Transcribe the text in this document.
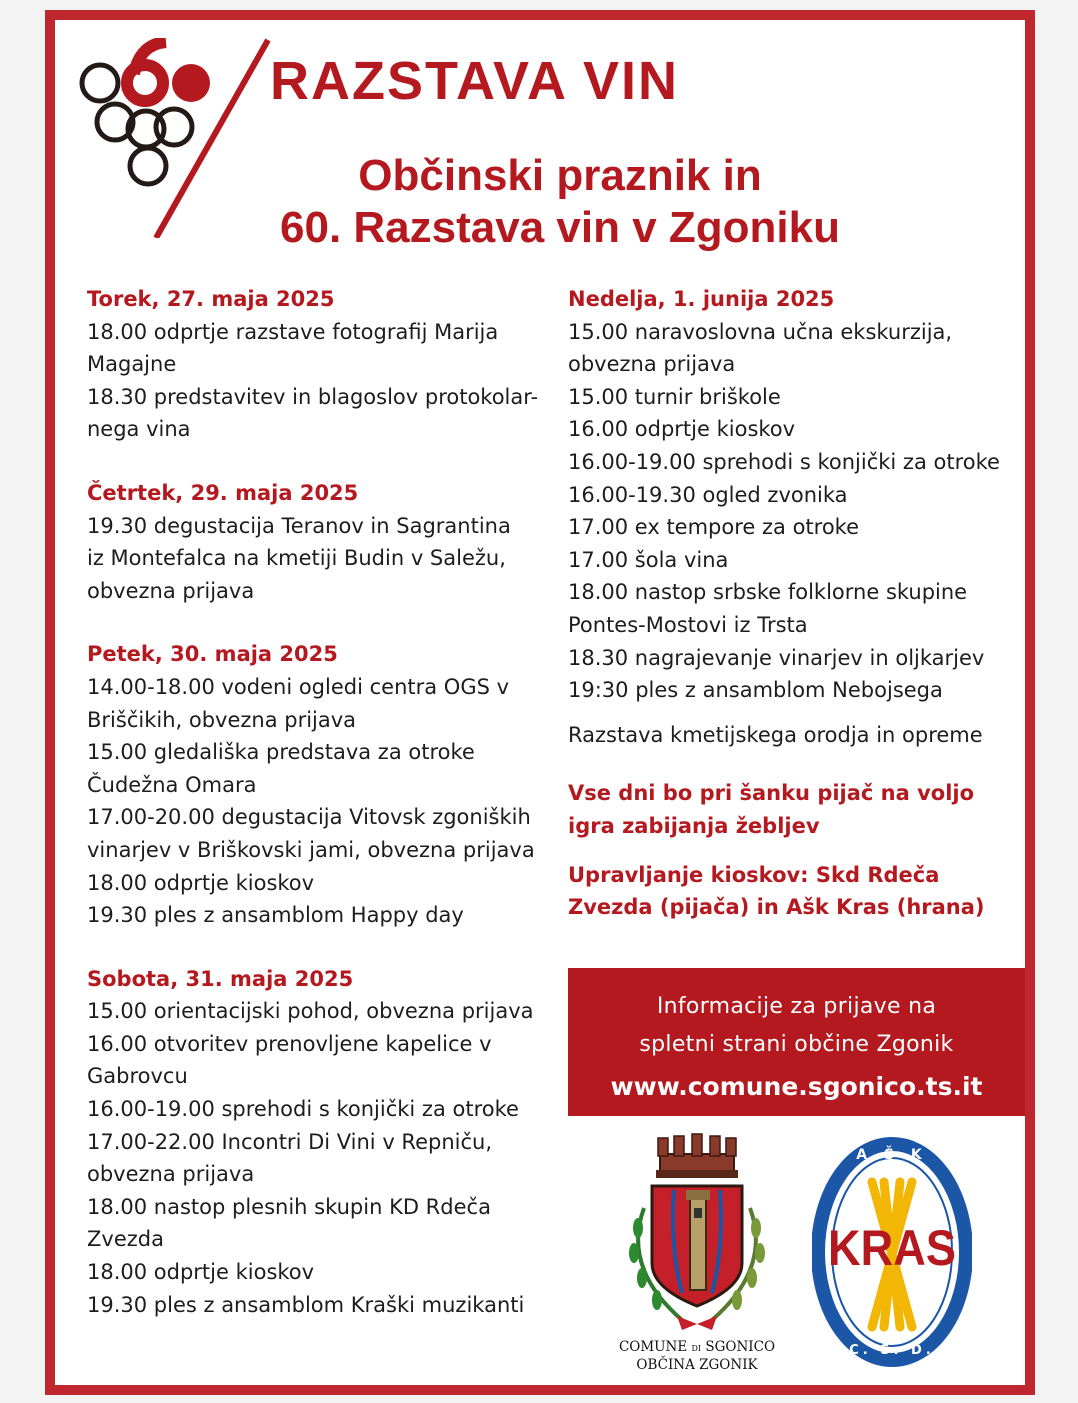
RAZSTAVA VIN
Občinski praznik in
60. Razstava vin v Zgoniku
Torek, 27. maja 2025
18.00 odprtje razstave fotografij Marija
Magajne
18.30 predstavitev in blagoslov protokolar-
nega vina
Četrtek, 29. maja 2025
19.30 degustacija Teranov in Sagrantina
iz Montefalca na kmetiji Budin v Saležu,
obvezna prijava
Petek, 30. maja 2025
14.00-18.00 vodeni ogledi centra OGS v
Briščikih, obvezna prijava
15.00 gledališka predstava za otroke
Čudežna Omara
17.00-20.00 degustacija Vitovsk zgoniških
vinarjev v Briškovski jami, obvezna prijava
18.00 odprtje kioskov
19.30 ples z ansamblom Happy day
Sobota, 31. maja 2025
15.00 orientacijski pohod, obvezna prijava
16.00 otvoritev prenovljene kapelice v
Gabrovcu
16.00-19.00 sprehodi s konjički za otroke
17.00-22.00 Incontri Di Vini v Repniču,
obvezna prijava
18.00 nastop plesnih skupin KD Rdeča
Zvezda
18.00 odprtje kioskov
19.30 ples z ansamblom Kraški muzikanti
Nedelja, 1. junija 2025
15.00 naravoslovna učna ekskurzija,
obvezna prijava
15.00 turnir briškole
16.00 odprtje kioskov
16.00-19.00 sprehodi s konjički za otroke
16.00-19.30 ogled zvonika
17.00 ex tempore za otroke
17.00 šola vina
18.00 nastop srbske folklorne skupine
Pontes-Mostovi iz Trsta
18.30 nagrajevanje vinarjev in oljkarjev
19:30 ples z ansamblom Nebojsega
Razstava kmetijskega orodja in opreme
Vse dni bo pri šanku pijač na voljo
igra zabijanja žebljev
Upravljanje kioskov: Skd Rdeča
Zvezda (pijača) in Ašk Kras (hrana)
Informacije za prijave na
spletni strani občine Zgonik
www.comune.sgonico.ts.it
COMUNE DI SGONICO
OBČINA ZGONIK
KRAS
A Š K
C. S. D.
